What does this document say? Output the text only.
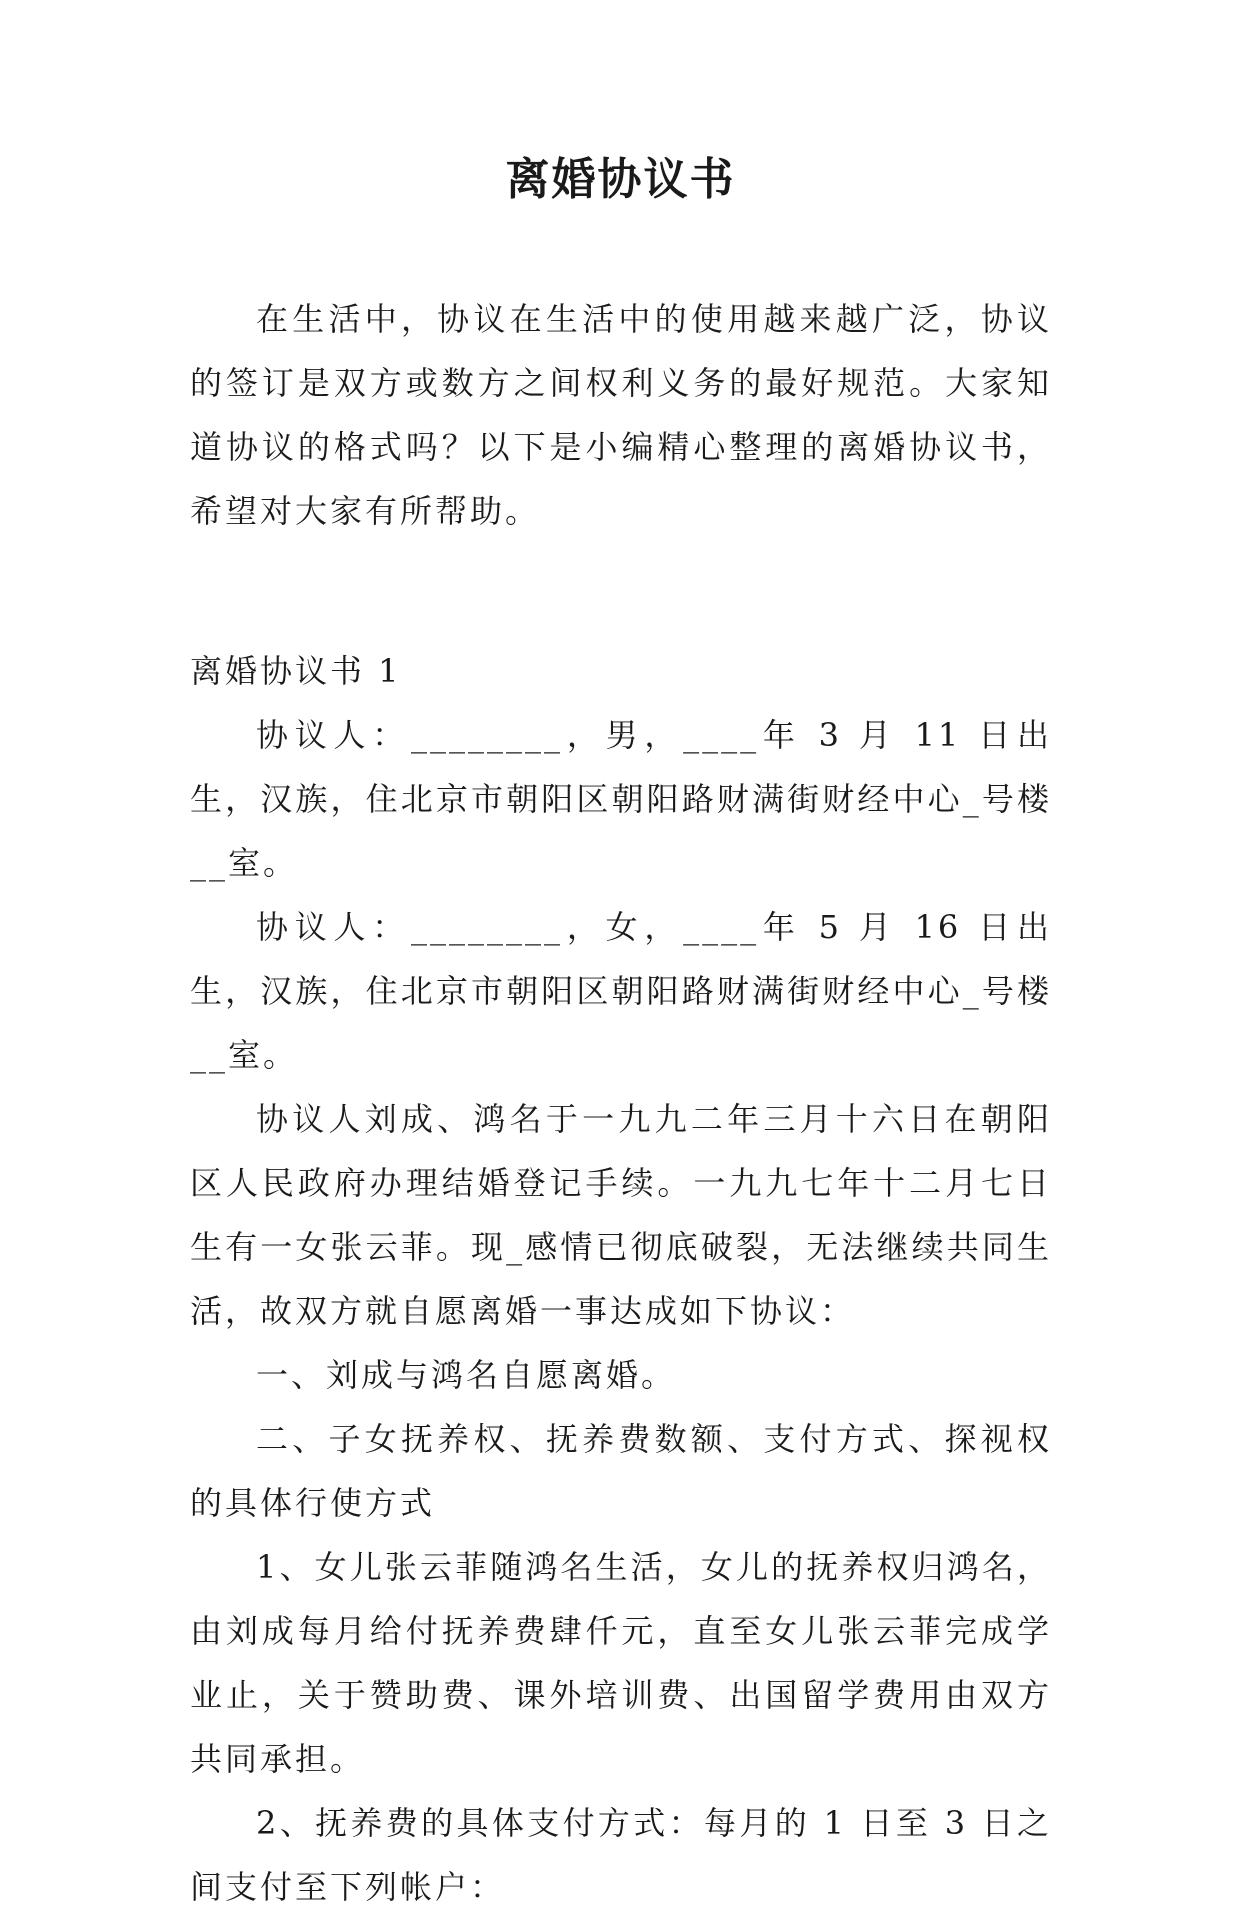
离婚协议书

在生活中，协议在生活中的使用越来越广泛，协议的签订是双方或数方之间权利义务的最好规范。大家知道协议的格式吗？以下是小编精心整理的离婚协议书，希望对大家有所帮助。

离婚协议书 1

协议人：________，男，____年 3 月 11 日出生，汉族，住北京市朝阳区朝阳路财满街财经中心_号楼__室。

协议人：________，女，____年 5 月 16 日出生，汉族，住北京市朝阳区朝阳路财满街财经中心_号楼__室。

协议人刘成、鸿名于一九九二年三月十六日在朝阳区人民政府办理结婚登记手续。一九九七年十二月七日生有一女张云菲。现_感情已彻底破裂，无法继续共同生活，故双方就自愿离婚一事达成如下协议：

一、刘成与鸿名自愿离婚。

二、子女抚养权、抚养费数额、支付方式、探视权的具体行使方式

1、女儿张云菲随鸿名生活，女儿的抚养权归鸿名，由刘成每月给付抚养费肆仟元，直至女儿张云菲完成学业止，关于赞助费、课外培训费、出国留学费用由双方共同承担。

2、抚养费的具体支付方式：每月的 1 日至 3 日之间支付至下列帐户：
